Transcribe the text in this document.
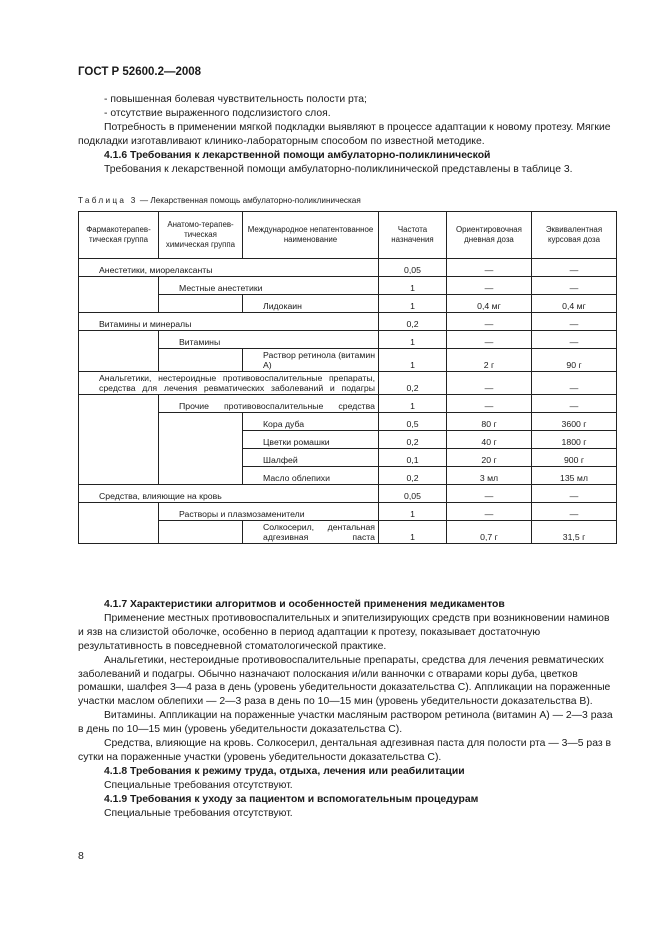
ГОСТ Р 52600.2—2008

- повышенная болевая чувствительность полости рта;

- отсутствие выраженного подслизистого слоя.

Потребность в применении мягкой подкладки выявляют в процессе адаптации к новому протезу. Мягкие подкладки изготавливают клинико-лабораторным способом по известной методике.

4.1.6 Требования к лекарственной помощи амбулаторно-поликлинической

Требования к лекарственной помощи амбулаторно-поликлинической представлены в таблице 3.

Таблица 3 — Лекарственная помощь амбулаторно-поликлиническая
Фармакотерапев-тическая группа	Анатомо-терапев-тическая химическая группа	Международное непатентованное наименование	Частота назначения	Ориентировочная дневная доза	Эквивалентная курсовая доза
Анестетики, миорелаксанты			0,05	—	—
	Местные анестетики		1	—	—
		Лидокаин	1	0,4 мг	0,4 мг
Витамины и минералы			0,2	—	—
	Витамины		1	—	—
		Раствор ретинола (витамин А)	1	2 г	90 г
Анальгетики, нестероидные противовоспалительные препараты, средства для лечения ревматических заболеваний и подагры			0,2	—	—
	Прочие противовоспалительные средства		1	—	—
		Кора дуба	0,5	80 г	3600 г
		Цветки ромашки	0,2	40 г	1800 г
		Шалфей	0,1	20 г	900 г
		Масло облепихи	0,2	3 мл	135 мл
Средства, влияющие на кровь			0,05	—	—
	Растворы и плазмозаменители		1	—	—
		Солкосерил, дентальная адгезивная паста	1	0,7 г	31,5 г

4.1.7 Характеристики алгоритмов и особенностей применения медикаментов

Применение местных противовоспалительных и эпителизирующих средств при возникновении наминов и язв на слизистой оболочке, особенно в период адаптации к протезу, показывает достаточную результативность в повседневной стоматологической практике.

Анальгетики, нестероидные противовоспалительные препараты, средства для лечения ревматических заболеваний и подагры. Обычно назначают полоскания и/или ванночки с отварами коры дуба, цветков ромашки, шалфея 3—4 раза в день (уровень убедительности доказательства С). Аппликации на пораженные участки маслом облепихи — 2—3 раза в день по 10—15 мин (уровень убедительности доказательства В).

Витамины. Аппликации на пораженные участки масляным раствором ретинола (витамин А) — 2—3 раза в день по 10—15 мин (уровень убедительности доказательства С).

Средства, влияющие на кровь. Солкосерил, дентальная адгезивная паста для полости рта — 3—5 раз в сутки на пораженные участки (уровень убедительности доказательства С).

4.1.8 Требования к режиму труда, отдыха, лечения или реабилитации

Специальные требования отсутствуют.

4.1.9 Требования к уходу за пациентом и вспомогательным процедурам

Специальные требования отсутствуют.

8
